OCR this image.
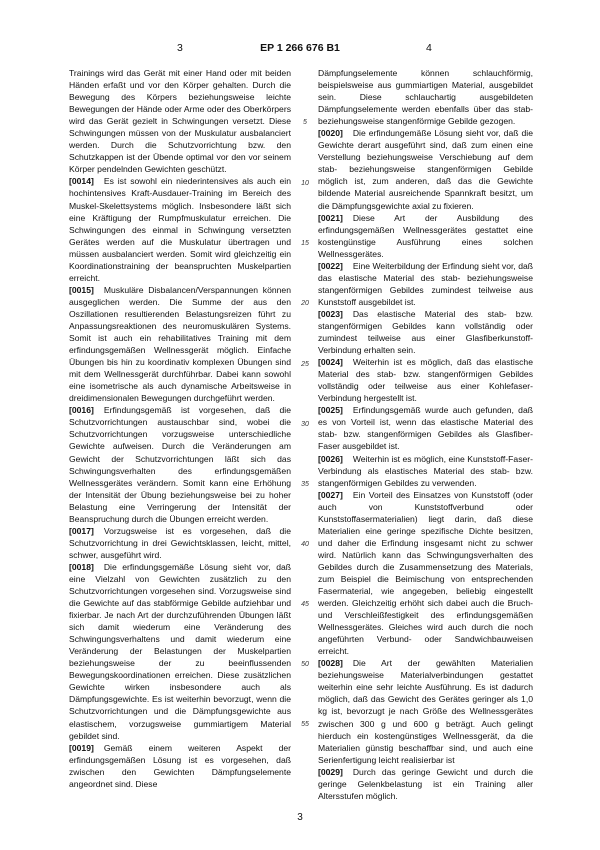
3	EP 1 266 676 B1	4

Trainings wird das Gerät mit einer Hand oder mit beiden Händen erfaßt und vor den Körper gehalten. Durch die Bewegung des Körpers beziehungsweise leichte Bewegungen der Hände oder Arme oder des Oberkörpers wird das Gerät gezielt in Schwingungen versetzt. Diese Schwingungen müssen von der Muskulatur ausbalanciert werden. Durch die Schutzvorrichtung bzw. den Schutzkappen ist der Übende optimal vor den vor seinem Körper pendelnden Gewichten geschützt.

[0014] Es ist sowohl ein niederintensives als auch ein hochintensives Kraft-Ausdauer-Training im Bereich des Muskel-Skelettsystems möglich. Insbesondere läßt sich eine Kräftigung der Rumpfmuskulatur erreichen. Die Schwingungen des einmal in Schwingung versetzten Gerätes werden auf die Muskulatur übertragen und müssen ausbalanciert werden. Somit wird gleichzeitig ein Koordinationstraining der beanspruchten Muskelpartien erreicht.

[0015] Muskuläre Disbalancen/Verspannungen können ausgeglichen werden. Die Summe der aus den Oszillationen resultierenden Belastungsreizen führt zu Anpassungsreaktionen des neuromuskulären Systems. Somit ist auch ein rehabilitatives Training mit dem erfindungsgemäßen Wellnessgerät möglich. Einfache Übungen bis hin zu koordinativ komplexen Übungen sind mit dem Wellnessgerät durchführbar. Dabei kann sowohl eine isometrische als auch dynamische Arbeitsweise in dreidimensionalen Bewegungen durchgeführt werden.

[0016] Erfindungsgemäß ist vorgesehen, daß die Schutzvorrichtungen austauschbar sind, wobei die Schutzvorrichtungen vorzugsweise unterschiedliche Gewichte aufweisen. Durch die Veränderungen am Gewicht der Schutzvorrichtungen läßt sich das Schwingungsverhalten des erfindungsgemäßen Wellnessgerätes verändern. Somit kann eine Erhöhung der Intensität der Übung beziehungsweise bei zu hoher Belastung eine Verringerung der Intensität der Beanspruchung durch die Übungen erreicht werden.

[0017] Vorzugsweise ist es vorgesehen, daß die Schutzvorrichtung in drei Gewichtsklassen, leicht, mittel, schwer, ausgeführt wird.

[0018] Die erfindungsgemäße Lösung sieht vor, daß eine Vielzahl von Gewichten zusätzlich zu den Schutzvorrichtungen vorgesehen sind. Vorzugsweise sind die Gewichte auf das stabförmige Gebilde aufziehbar und fixierbar. Je nach Art der durchzuführenden Übungen läßt sich damit wiederum eine Veränderung des Schwingungsverhaltens und damit wiederum eine Veränderung der Belastungen der Muskelpartien beziehungsweise der zu beeinflussenden Bewegungskoordinationen erreichen. Diese zusätzlichen Gewichte wirken insbesondere auch als Dämpfungsgewichte. Es ist weiterhin bevorzugt, wenn die Schutzvorrichtungen und die Dämpfungsgewichte aus elastischem, vorzugsweise gummiartigem Material gebildet sind.

[0019] Gemäß einem weiteren Aspekt der erfindungsgemäßen Lösung ist es vorgesehen, daß zwischen den Gewichten Dämpfungselemente angeordnet sind. Diese

5
10
15
20
25
30
35
40
45
50
55

Dämpfungselemente können schlauchförmig, beispielsweise aus gummiartigen Material, ausgebildet sein. Diese schlauchartig ausgebildeten Dämpfungselemente werden ebenfalls über das stab- beziehungsweise stangenförmige Gebilde gezogen.

[0020] Die erfindungemäße Lösung sieht vor, daß die Gewichte derart ausgeführt sind, daß zum einen eine Verstellung beziehungsweise Verschiebung auf dem stab- beziehungsweise stangenförmigen Gebilde möglich ist, zum anderen, daß das die Gewichte bildende Material ausreichende Spannkraft besitzt, um die Dämpfungsgewichte axial zu fixieren.

[0021] Diese Art der Ausbildung des erfindungsgemäßen Wellnessgerätes gestattet eine kostengünstige Ausführung eines solchen Wellnessgerätes.

[0022] Eine Weiterbildung der Erfindung sieht vor, daß das elastische Material des stab- beziehungsweise stangenförmigen Gebildes zumindest teilweise aus Kunststoff ausgebildet ist.

[0023] Das elastische Material des stab- bzw. stangenförmigen Gebildes kann vollständig oder zumindest teilweise aus einer Glasfiberkunstoff-Verbindung erhalten sein.

[0024] Weiterhin ist es möglich, daß das elastische Material des stab- bzw. stangenförmigen Gebildes vollständig oder teilweise aus einer Kohlefaser-Verbindung hergestellt ist.

[0025] Erfindungsgemäß wurde auch gefunden, daß es von Vorteil ist, wenn das elastische Material des stab- bzw. stangenförmigen Gebildes als Glasfiber-Faser ausgebildet ist.

[0026] Weiterhin ist es möglich, eine Kunststoff-Faser-Verbindung als elastisches Material des stab- bzw. stangenförmigen Gebildes zu verwenden.

[0027] Ein Vorteil des Einsatzes von Kunststoff (oder auch von Kunststoffverbund oder Kunststoffasermaterialien) liegt darin, daß diese Materialien eine geringe spezifische Dichte besitzen, und daher die Erfindung insgesamt nicht zu schwer wird. Natürlich kann das Schwingungsverhalten des Gebildes durch die Zusammensetzung des Materials, zum Beispiel die Beimischung von entsprechenden Fasermaterial, wie angegeben, beliebig eingestellt werden. Gleichzeitig erhöht sich dabei auch die Bruch- und Verschleißfestigkeit des erfindungsgemäßen Wellnessgerätes. Gleiches wird auch durch die noch angeführten Verbund- oder Sandwichbauweisen erreicht.

[0028] Die Art der gewählten Materialien beziehungsweise Materialverbindungen gestattet weiterhin eine sehr leichte Ausführung. Es ist dadurch möglich, daß das Gewicht des Gerätes geringer als 1,0 kg ist, bevorzugt je nach Größe des Wellnessgerätes zwischen 300 g und 600 g beträgt. Auch gelingt hierduch ein kostengünstiges Wellnessgerät, da die Materialien günstig beschaffbar sind, und auch eine Serienfertigung leicht realisierbar ist

[0029] Durch das geringe Gewicht und durch die geringe Gelenkbelastung ist ein Training aller Altersstufen möglich.

3
